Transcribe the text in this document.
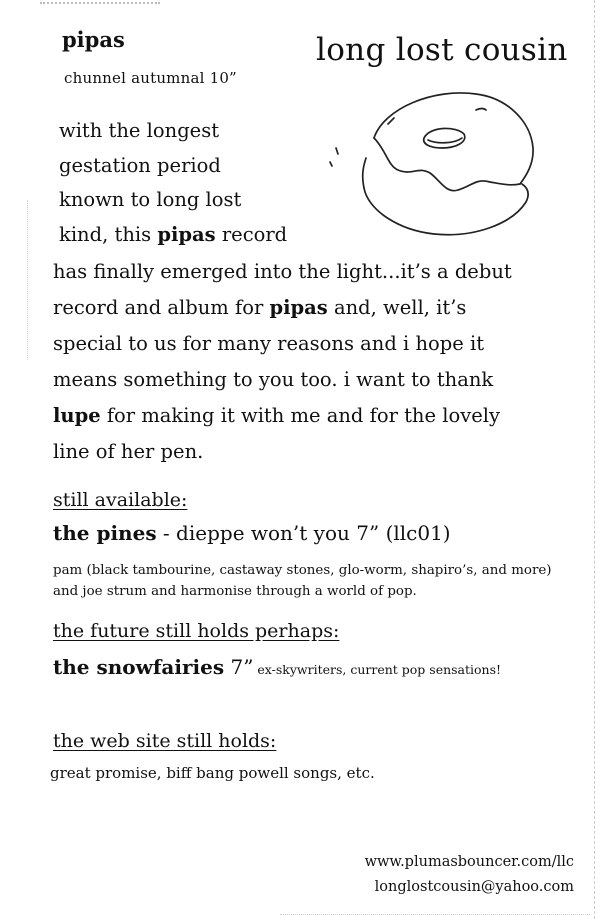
pipas
chunnel autumnal 10”
long lost cousin
with the longest
gestation period
known to long lost
kind, this pipas record
has finally emerged into the light...it’s a debut
record and album for pipas and, well, it’s
special to us for many reasons and i hope it
means something to you too. i want to thank
lupe for making it with me and for the lovely
line of her pen.
still available:
the pines - dieppe won’t you 7” (llc01)
pam (black tambourine, castaway stones, glo-worm, shapiro’s, and more) and joe strum and harmonise through a world of pop.
the future still holds perhaps:
the snowfairies 7” ex-skywriters, current pop sensations!
the web site still holds:
great promise, biff bang powell songs, etc.
www.plumasbouncer.com/llc
longlostcousin@yahoo.com
